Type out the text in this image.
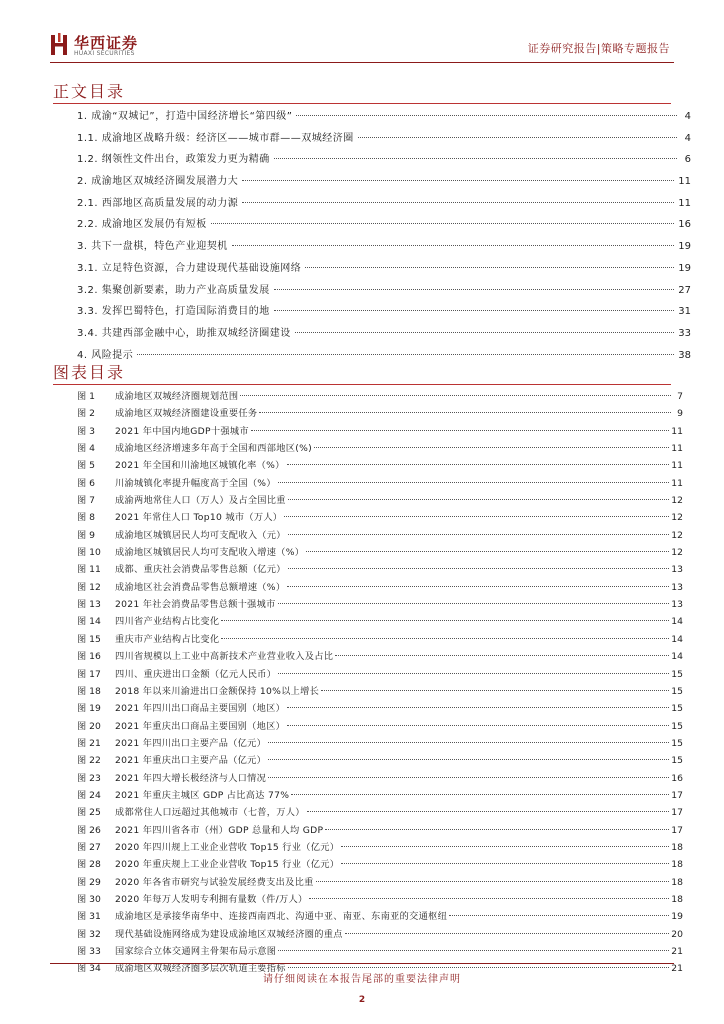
华西证券
HUAXI SECURITIES	证券研究报告|策略专题报告
正文目录
1. 成渝“双城记”，打造中国经济增长“第四级”	4
1.1. 成渝地区战略升级：经济区——城市群——双城经济圈	4
1.2. 纲领性文件出台，政策发力更为精确	6
2. 成渝地区双城经济圈发展潜力大	11
2.1. 西部地区高质量发展的动力源	11
2.2. 成渝地区发展仍有短板	16
3. 共下一盘棋，特色产业迎契机	19
3.1. 立足特色资源，合力建设现代基础设施网络	19
3.2. 集聚创新要素，助力产业高质量发展	27
3.3. 发挥巴蜀特色，打造国际消费目的地	31
3.4. 共建西部金融中心，助推双城经济圈建设	33
4. 风险提示	38
图表目录
图 1	成渝地区双城经济圈规划范围	7
图 2	成渝地区双城经济圈建设重要任务	9
图 3	2021 年中国内地GDP十强城市	11
图 4	成渝地区经济增速多年高于全国和西部地区(%)	11
图 5	2021 年全国和川渝地区城镇化率（%）	11
图 6	川渝城镇化率提升幅度高于全国（%）	11
图 7	成渝两地常住人口（万人）及占全国比重	12
图 8	2021 年常住人口 Top10 城市（万人）	12
图 9	成渝地区城镇居民人均可支配收入（元）	12
图 10	成渝地区城镇居民人均可支配收入增速（%）	12
图 11	成都、重庆社会消费品零售总额（亿元）	13
图 12	成渝地区社会消费品零售总额增速（%）	13
图 13	2021 年社会消费品零售总额十强城市	13
图 14	四川省产业结构占比变化	14
图 15	重庆市产业结构占比变化	14
图 16	四川省规模以上工业中高新技术产业营业收入及占比	14
图 17	四川、重庆进出口金额（亿元人民币）	15
图 18	2018 年以来川渝进出口金额保持 10%以上增长	15
图 19	2021 年四川出口商品主要国别（地区）	15
图 20	2021 年重庆出口商品主要国别（地区）	15
图 21	2021 年四川出口主要产品（亿元）	15
图 22	2021 年重庆出口主要产品（亿元）	15
图 23	2021 年四大增长极经济与人口情况	16
图 24	2021 年重庆主城区 GDP 占比高达 77%	17
图 25	成都常住人口远超过其他城市（七普，万人）	17
图 26	2021 年四川省各市（州）GDP 总量和人均 GDP	17
图 27	2020 年四川规上工业企业营收 Top15 行业（亿元）	18
图 28	2020 年重庆规上工业企业营收 Top15 行业（亿元）	18
图 29	2020 年各省市研究与试验发展经费支出及比重	18
图 30	2020 年每万人发明专利拥有量数（件/万人）	18
图 31	成渝地区是承接华南华中、连接西南西北、沟通中亚、南亚、东南亚的交通枢纽	19
图 32	现代基础设施网络成为建设成渝地区双城经济圈的重点	20
图 33	国家综合立体交通网主骨架布局示意图	21
图 34	成渝地区双城经济圈多层次轨道主要指标	21
请仔细阅读在本报告尾部的重要法律声明
2
